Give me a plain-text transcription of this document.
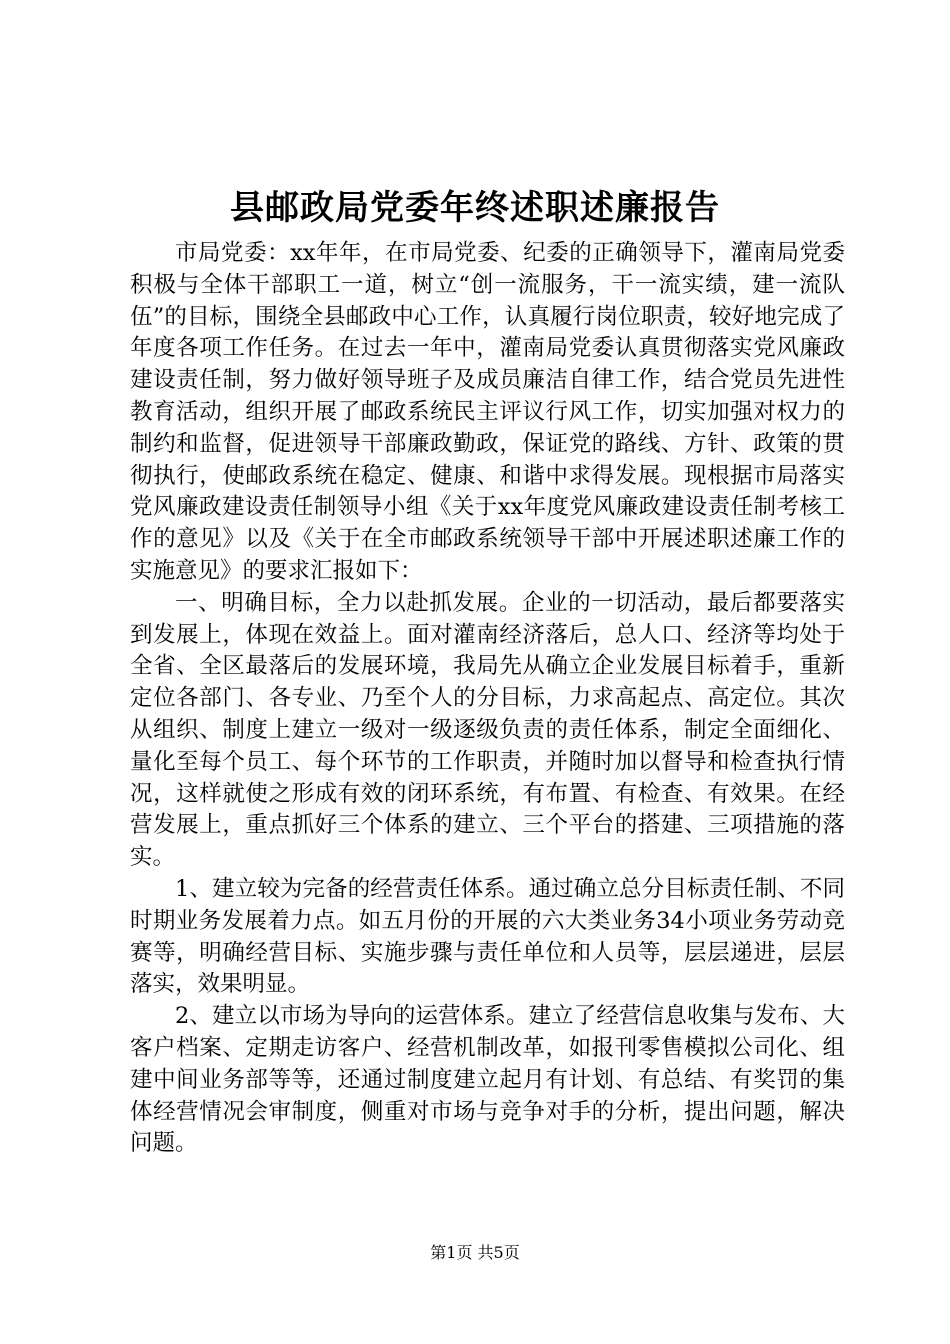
县邮政局党委年终述职述廉报告

市局党委：xx年年，在市局党委、纪委的正确领导下，灌南局党委积极与全体干部职工一道，树立“创一流服务，干一流实绩，建一流队伍”的目标，围绕全县邮政中心工作，认真履行岗位职责，较好地完成了年度各项工作任务。在过去一年中，灌南局党委认真贯彻落实党风廉政建设责任制，努力做好领导班子及成员廉洁自律工作，结合党员先进性教育活动，组织开展了邮政系统民主评议行风工作，切实加强对权力的制约和监督，促进领导干部廉政勤政，保证党的路线、方针、政策的贯彻执行，使邮政系统在稳定、健康、和谐中求得发展。现根据市局落实党风廉政建设责任制领导小组《关于xx年度党风廉政建设责任制考核工作的意见》以及《关于在全市邮政系统领导干部中开展述职述廉工作的实施意见》的要求汇报如下：

一、明确目标，全力以赴抓发展。企业的一切活动，最后都要落实到发展上，体现在效益上。面对灌南经济落后，总人口、经济等均处于全省、全区最落后的发展环境，我局先从确立企业发展目标着手，重新定位各部门、各专业、乃至个人的分目标，力求高起点、高定位。其次从组织、制度上建立一级对一级逐级负责的责任体系，制定全面细化、量化至每个员工、每个环节的工作职责，并随时加以督导和检查执行情况，这样就使之形成有效的闭环系统，有布置、有检查、有效果。在经营发展上，重点抓好三个体系的建立、三个平台的搭建、三项措施的落实。

1、建立较为完备的经营责任体系。通过确立总分目标责任制、不同时期业务发展着力点。如五月份的开展的六大类业务34小项业务劳动竞赛等，明确经营目标、实施步骤与责任单位和人员等，层层递进，层层落实，效果明显。

2、建立以市场为导向的运营体系。建立了经营信息收集与发布、大客户档案、定期走访客户、经营机制改革，如报刊零售模拟公司化、组建中间业务部等等，还通过制度建立起月有计划、有总结、有奖罚的集体经营情况会审制度，侧重对市场与竞争对手的分析，提出问题，解决问题。

第1页 共5页
